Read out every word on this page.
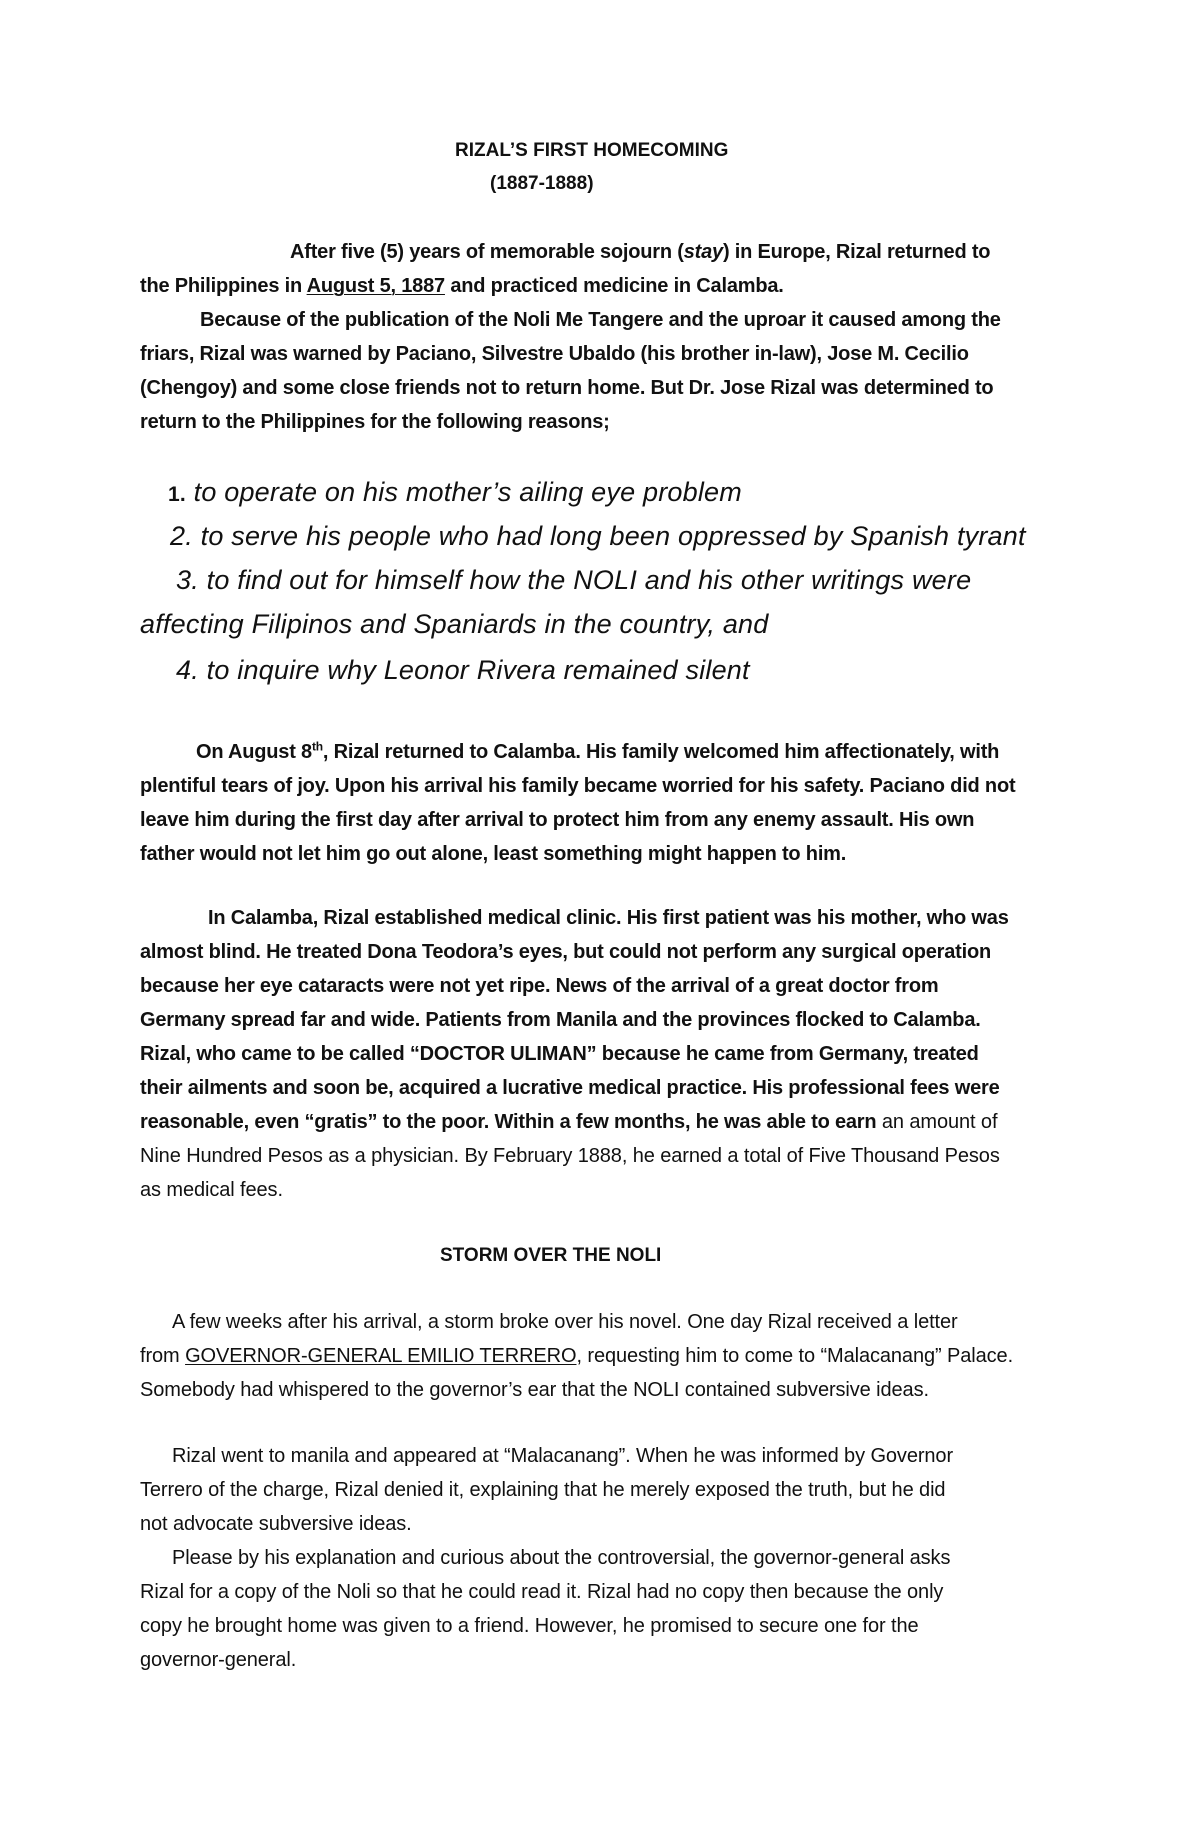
RIZAL’S FIRST HOMECOMING
(1887-1888)
After five (5) years of memorable sojourn (stay) in Europe, Rizal returned to
the Philippines in August 5, 1887 and practiced medicine in Calamba.
Because of the publication of the Noli Me Tangere and the uproar it caused among the
friars, Rizal was warned by Paciano, Silvestre Ubaldo (his brother in-law), Jose M. Cecilio
(Chengoy) and some close friends not to return home. But Dr. Jose Rizal was determined to
return to the Philippines for the following reasons;
1. to operate on his mother’s ailing eye problem
2. to serve his people who had long been oppressed by Spanish tyrant
3. to find out for himself how the NOLI and his other writings were
affecting Filipinos and Spaniards in the country, and
4. to inquire why Leonor Rivera remained silent
On August 8th, Rizal returned to Calamba. His family welcomed him affectionately, with
plentiful tears of joy. Upon his arrival his family became worried for his safety. Paciano did not
leave him during the first day after arrival to protect him from any enemy assault. His own
father would not let him go out alone, least something might happen to him.
In Calamba, Rizal established medical clinic. His first patient was his mother, who was
almost blind. He treated Dona Teodora’s eyes, but could not perform any surgical operation
because her eye cataracts were not yet ripe. News of the arrival of a great doctor from
Germany spread far and wide. Patients from Manila and the provinces flocked to Calamba.
Rizal, who came to be called “DOCTOR ULIMAN” because he came from Germany, treated
their ailments and soon be, acquired a lucrative medical practice. His professional fees were
reasonable, even “gratis” to the poor. Within a few months, he was able to earn an amount of
Nine Hundred Pesos as a physician. By February 1888, he earned a total of Five Thousand Pesos
as medical fees.
STORM OVER THE NOLI
A few weeks after his arrival, a storm broke over his novel. One day Rizal received a letter
from GOVERNOR-GENERAL EMILIO TERRERO, requesting him to come to “Malacanang” Palace.
Somebody had whispered to the governor’s ear that the NOLI contained subversive ideas.
Rizal went to manila and appeared at “Malacanang”. When he was informed by Governor
Terrero of the charge, Rizal denied it, explaining that he merely exposed the truth, but he did
not advocate subversive ideas.
Please by his explanation and curious about the controversial, the governor-general asks
Rizal for a copy of the Noli so that he could read it. Rizal had no copy then because the only
copy he brought home was given to a friend. However, he promised to secure one for the
governor-general.
